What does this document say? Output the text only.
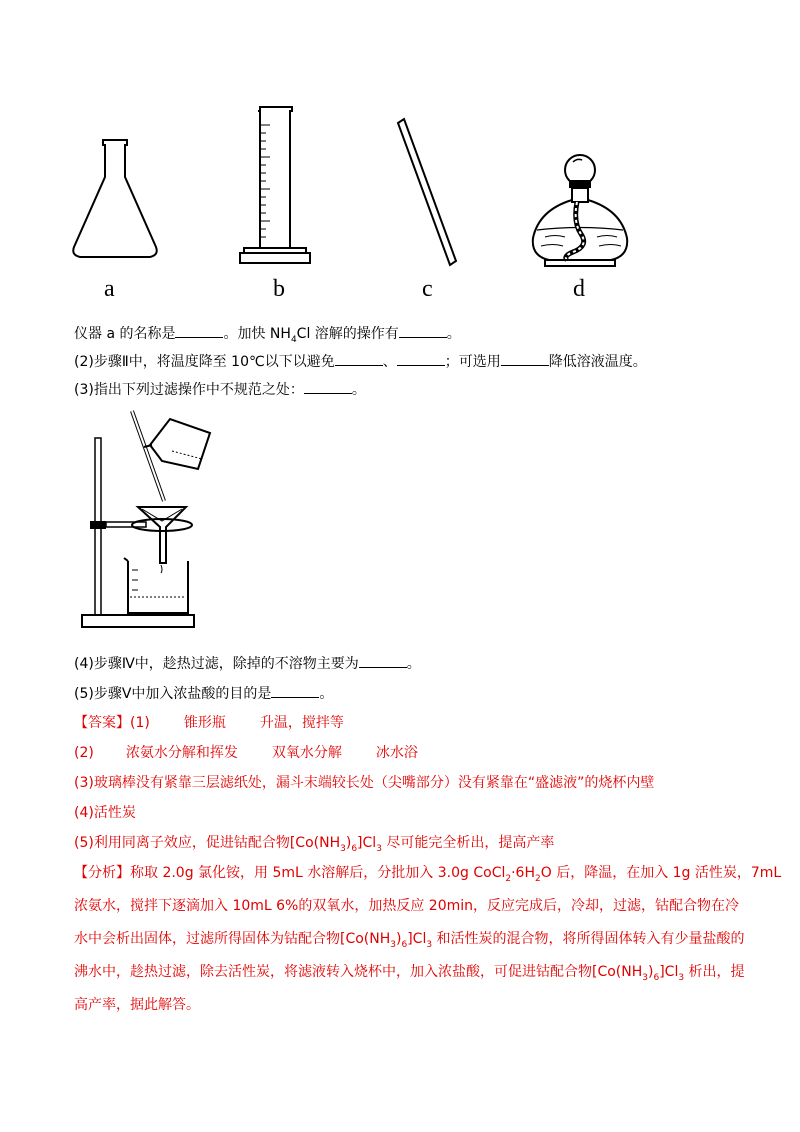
a	b	c	d
仪器 a 的名称是	。加快 $NH_4Cl$ 溶解的操作有	。
(2)步骤Ⅱ中，将温度降至 10℃以下以避免	、	；可选用	降低溶液温度。
(3)指出下列过滤操作中不规范之处：	。
(4)步骤Ⅳ中，趁热过滤，除掉的不溶物主要为	。
(5)步骤Ⅴ中加入浓盐酸的目的是	。
【答案】(1) 锥形瓶 升温，搅拌等
(2) 浓氨水分解和挥发 双氧水分解 冰水浴
(3)玻璃棒没有紧靠三层滤纸处，漏斗末端较长处（尖嘴部分）没有紧靠在“盛滤液”的烧杯内壁
(4)活性炭
(5)利用同离子效应，促进钴配合物$[Co(NH_3)_6]Cl_3$ 尽可能完全析出，提高产率
【分析】称取 2.0g 氯化铵，用 5mL 水溶解后，分批加入 3.0g $CoCl_2\cdot 6H_2O$ 后，降温，在加入 1g 活性炭，7mL
浓氨水，搅拌下逐滴加入 10mL 6%的双氧水，加热反应 20min，反应完成后，冷却，过滤，钴配合物在冷
水中会析出固体，过滤所得固体为钴配合物$[Co(NH_3)_6]Cl_3$ 和活性炭的混合物，将所得固体转入有少量盐酸的
沸水中，趁热过滤，除去活性炭，将滤液转入烧杯中，加入浓盐酸，可促进钴配合物$[Co(NH_3)_6]Cl_3$ 析出，提
高产率，据此解答。
